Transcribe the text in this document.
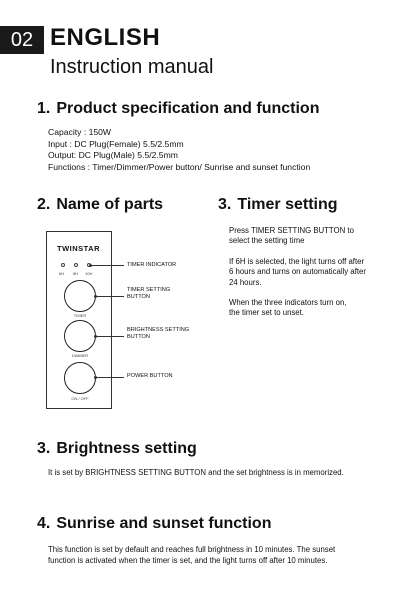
02 ENGLISH
Instruction manual
1. Product specification and function
Capacity : 150W
Input : DC Plug(Female) 5.5/2.5mm
Output: DC Plug(Male) 5.5/2.5mm
Functions : Timer/Dimmer/Power button/ Sunrise and sunset function
2. Name of parts
TWINSTAR
6H 8H 10H
TIMER
DIMMER
ON / OFF
TIMER INDICATOR
TIMER SETTING
BUTTON
BRIGHTNESS SETTING
BUTTON
POWER BUTTON
3. Timer setting

Press TIMER SETTING BUTTON to
select the setting time

If 6H is selected, the light turns off after
6 hours and turns on automatically after
24 hours.

When the three indicators turn on,
the timer set to unset.

3. Brightness setting
It is set by BRIGHTNESS SETTING BUTTON and the set brightness is in memorized.
4. Sunrise and sunset function
This function is set by default and reaches full brightness in 10 minutes. The sunset
function is activated when the timer is set, and the light turns off after 10 minutes.
